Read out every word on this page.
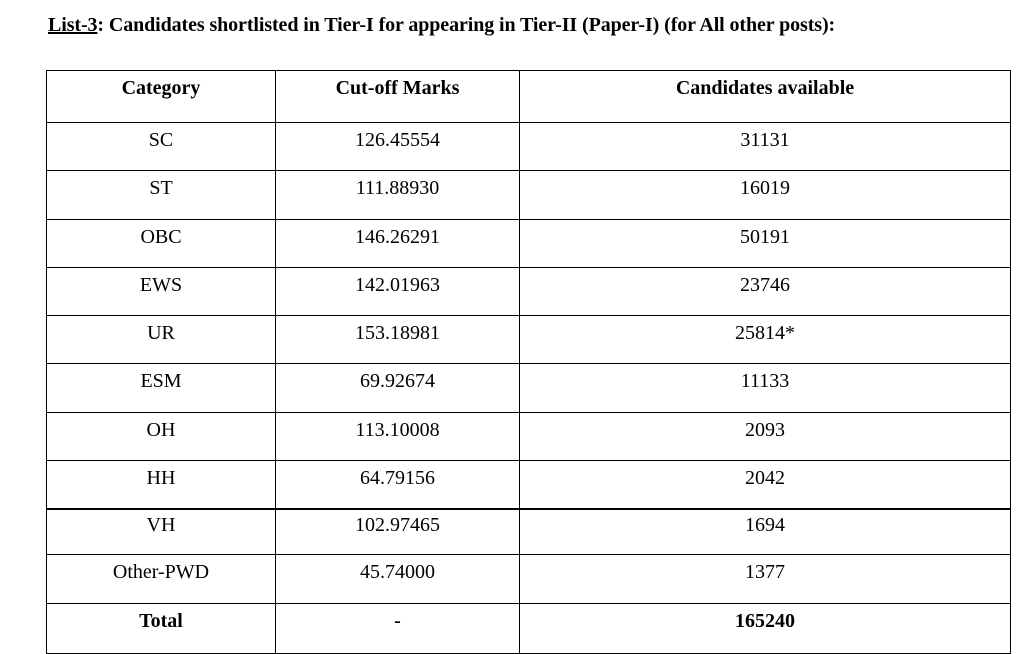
List-3: Candidates shortlisted in Tier-I for appearing in Tier-II (Paper-I) (for All other posts):
Category	Cut-off Marks	Candidates available
SC	126.45554	31131
ST	111.88930	16019
OBC	146.26291	50191
EWS	142.01963	23746
UR	153.18981	25814*
ESM	69.92674	11133
OH	113.10008	2093
HH	64.79156	2042
VH	102.97465	1694
Other-PWD	45.74000	1377
Total	-	165240
